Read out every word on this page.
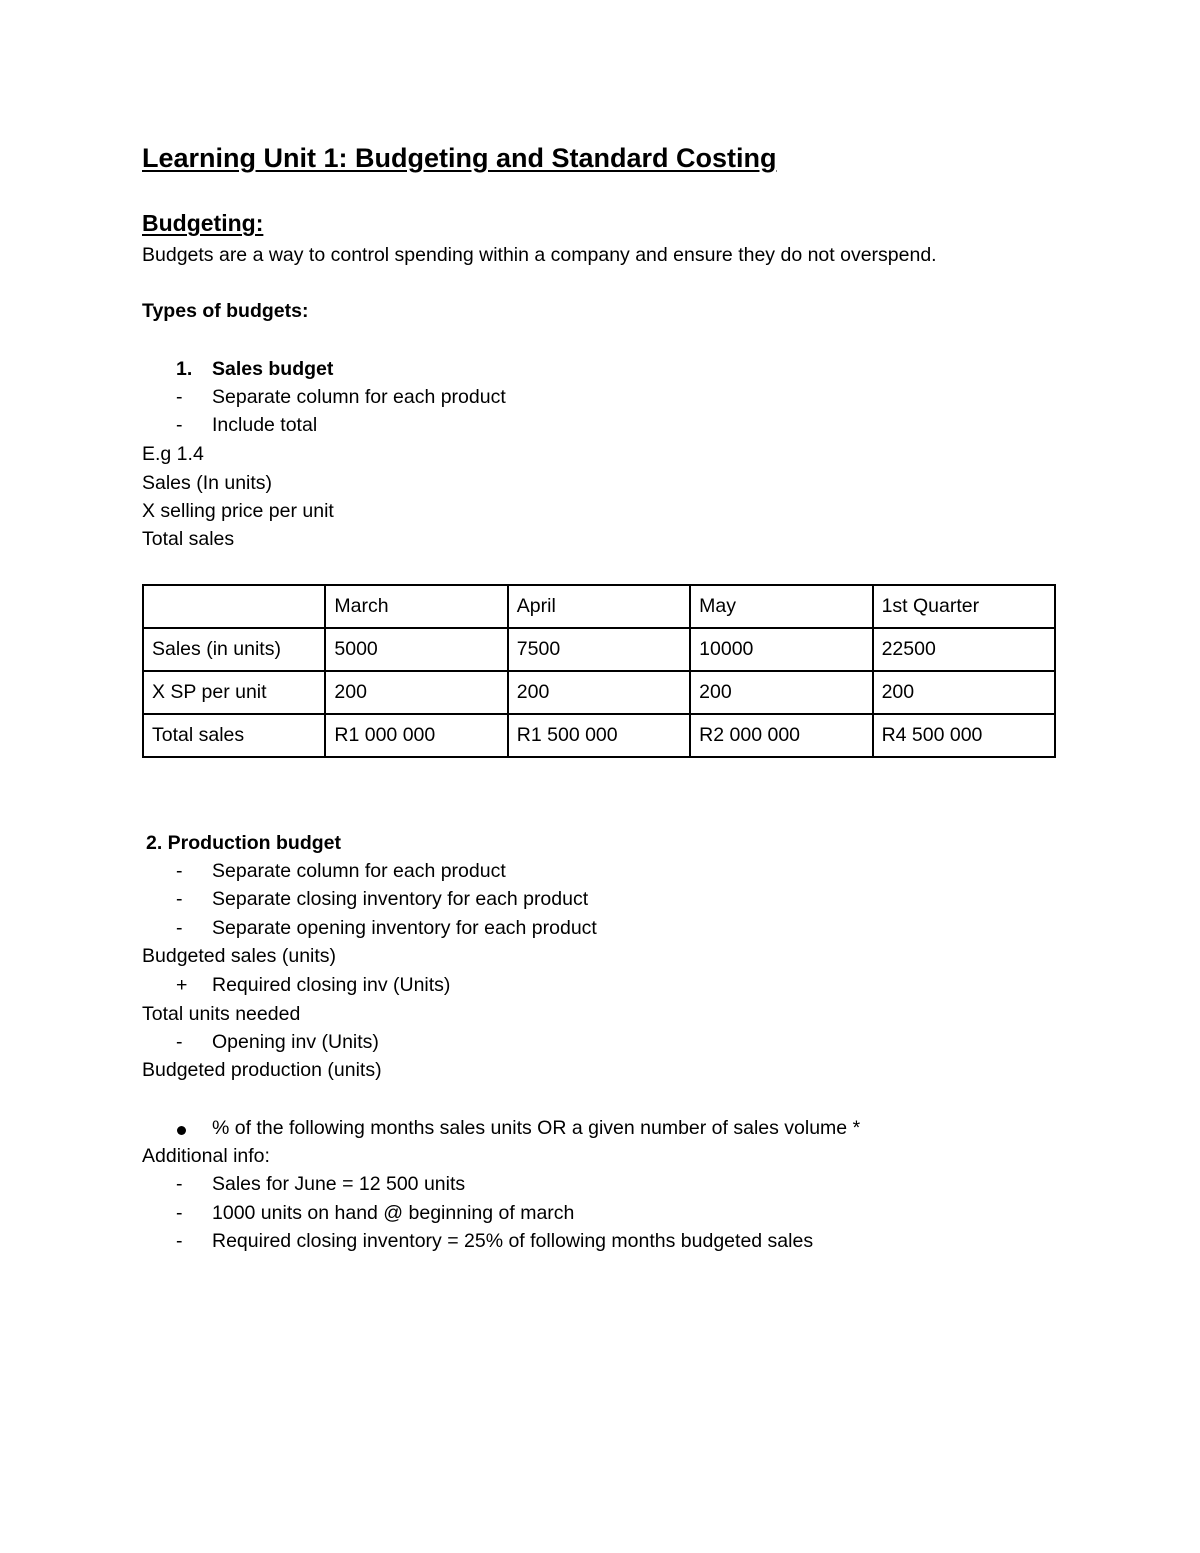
Learning Unit 1: Budgeting and Standard Costing
Budgeting:
Budgets are a way to control spending within a company and ensure they do not overspend.
Types of budgets:
1. Sales budget
- Separate column for each product
- Include total
E.g 1.4
Sales (In units)
X selling price per unit
Total sales
	March	April	May	1st Quarter
Sales (in units)	5000	7500	10000	22500
X SP per unit	200	200	200	200
Total sales	R1 000 000	R1 500 000	R2 000 000	R4 500 000
2. Production budget
- Separate column for each product
- Separate closing inventory for each product
- Separate opening inventory for each product
Budgeted sales (units)
+ Required closing inv (Units)
Total units needed
- Opening inv (Units)
Budgeted production (units)
% of the following months sales units OR a given number of sales volume *
Additional info:
- Sales for June = 12 500 units
- 1000 units on hand @ beginning of march
- Required closing inventory = 25% of following months budgeted sales
